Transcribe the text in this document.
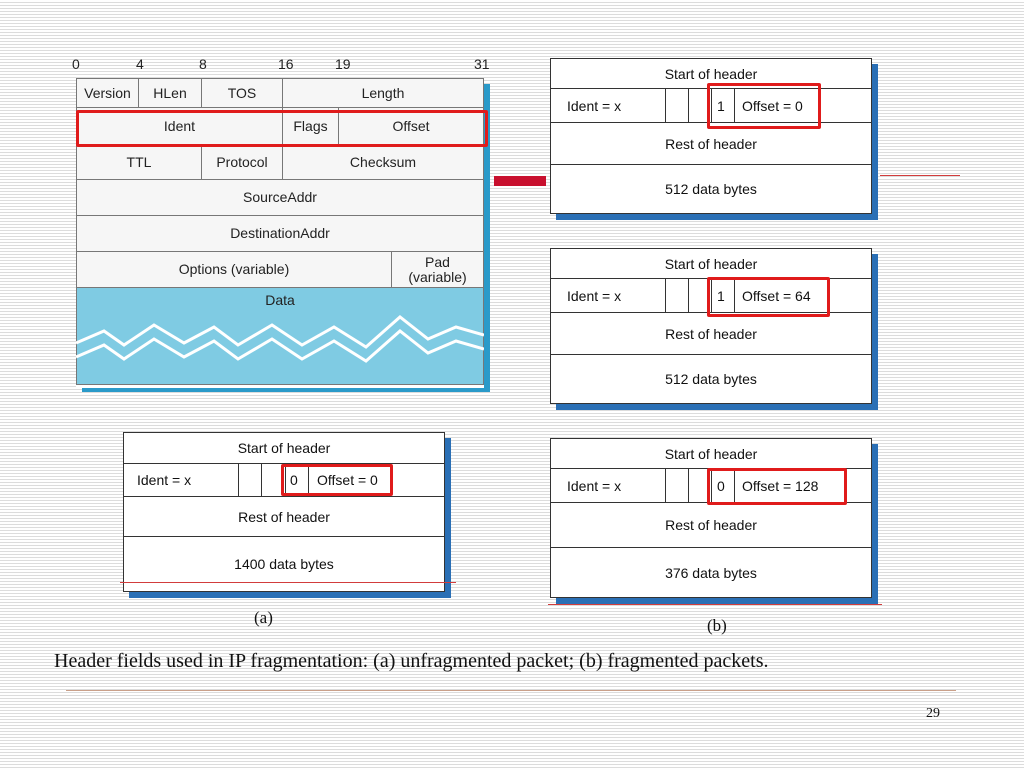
0	4	8	16	19	31
Version	HLen	TOS	Length
Ident	Flags	Offset
TTL	Protocol	Checksum
SourceAddr
DestinationAddr
Options (variable)	Pad
(variable)
Data
Start of header
Ident = x	0 Offset = 0
Rest of header
1400 data bytes
(a)
Start of header
Ident = x	1 Offset = 0
Rest of header
512 data bytes
Start of header
Ident = x	1 Offset = 64
Rest of header
512 data bytes
Start of header
Ident = x	0 Offset = 128
Rest of header
376 data bytes
(b)
Header fields used in IP fragmentation: (a) unfragmented packet; (b) fragmented packets.
29
